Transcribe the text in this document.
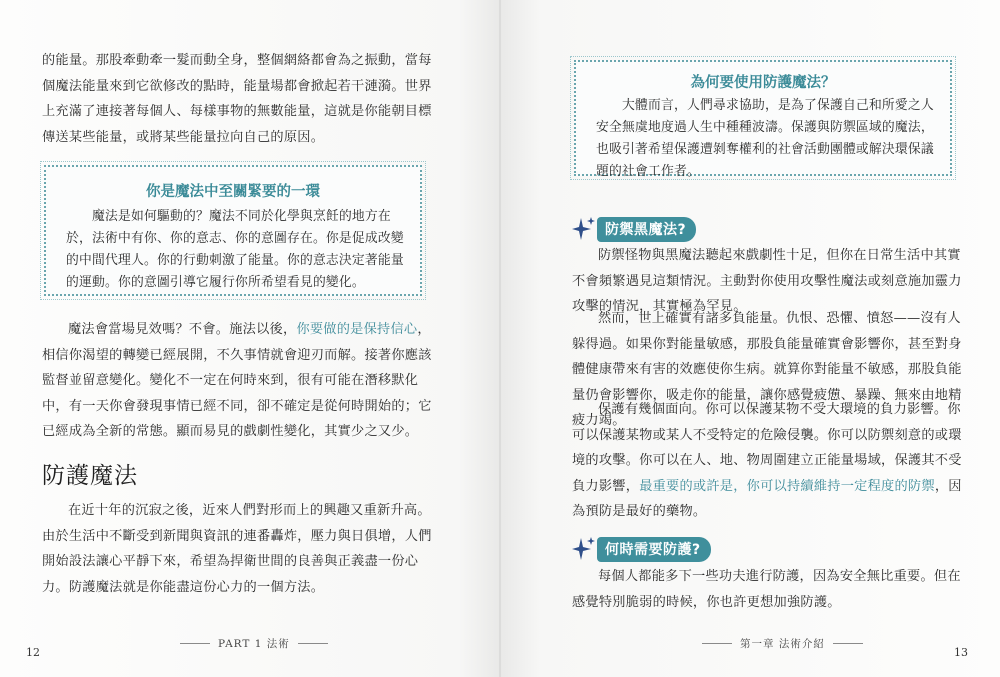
的能量。那股牽動牽一髮而動全身，整個網絡都會為之振動，當每個魔法能量來到它欲修改的點時，能量場都會掀起若干漣漪。世界上充滿了連接著每個人、每樣事物的無數能量，這就是你能朝目標傳送某些能量，或將某些能量拉向自己的原因。

你是魔法中至關緊要的一環

魔法是如何驅動的？魔法不同於化學與烹飪的地方在於，法術中有你、你的意志、你的意圖存在。你是促成改變的中間代理人。你的行動刺激了能量。你的意志決定著能量的運動。你的意圖引導它履行你所希望看見的變化。

魔法會當場見效嗎？不會。施法以後，你要做的是保持信心，相信你渴望的轉變已經展開，不久事情就會迎刃而解。接著你應該監督並留意變化。變化不一定在何時來到，很有可能在潛移默化中，有一天你會發現事情已經不同，卻不確定是從何時開始的；它已經成為全新的常態。顯而易見的戲劇性變化，其實少之又少。

防護魔法

在近十年的沉寂之後，近來人們對形而上的興趣又重新升高。由於生活中不斷受到新聞與資訊的連番轟炸，壓力與日俱增，人們開始設法讓心平靜下來，希望為捍衛世間的良善與正義盡一份心力。防護魔法就是你能盡這份心力的一個方法。

PART 1 法術
12
為何要使用防護魔法？

大體而言，人們尋求協助，是為了保護自己和所愛之人安全無虞地度過人生中種種波濤。保護與防禦區域的魔法，也吸引著希望保護遭剝奪權利的社會活動團體或解決環保議題的社會工作者。

防禦黑魔法?

防禦怪物與黑魔法聽起來戲劇性十足，但你在日常生活中其實不會頻繁遇見這類情況。主動對你使用攻擊性魔法或刻意施加靈力攻擊的情況，其實極為罕見。

然而，世上確實有諸多負能量。仇恨、恐懼、憤怒——沒有人躲得過。如果你對能量敏感，那股負能量確實會影響你，甚至對身體健康帶來有害的效應使你生病。就算你對能量不敏感，那股負能量仍會影響你，吸走你的能量，讓你感覺疲憊、暴躁、無來由地精疲力竭。

保護有幾個面向。你可以保護某物不受大環境的負力影響。你可以保護某物或某人不受特定的危險侵襲。你可以防禦刻意的或環境的攻擊。你可以在人、地、物周圍建立正能量場域，保護其不受負力影響，最重要的或許是，你可以持續維持一定程度的防禦，因為預防是最好的藥物。

何時需要防護?

每個人都能多下一些功夫進行防護，因為安全無比重要。但在感覺特別脆弱的時候，你也許更想加強防護。

第一章 法術介紹
13
